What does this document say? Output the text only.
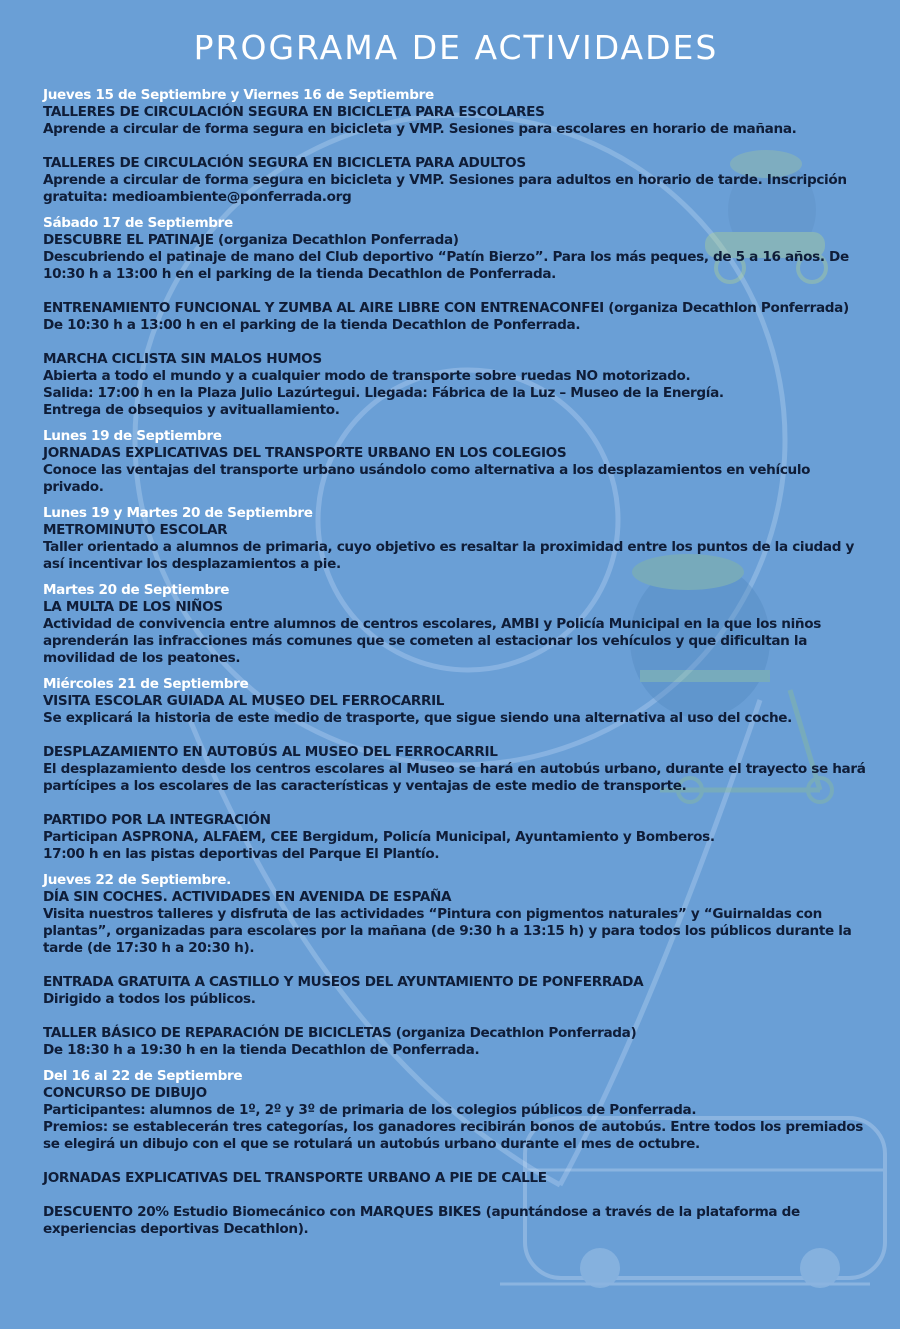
PROGRAMA DE ACTIVIDADES
Jueves 15 de Septiembre y Viernes 16 de Septiembre
TALLERES DE CIRCULACIÓN SEGURA EN BICICLETA PARA ESCOLARES
Aprende a circular de forma segura en bicicleta y VMP. Sesiones para escolares en horario de mañana.
TALLERES DE CIRCULACIÓN SEGURA EN BICICLETA PARA ADULTOS
Aprende a circular de forma segura en bicicleta y VMP. Sesiones para adultos en horario de tarde. Inscripción gratuita: medioambiente@ponferrada.org
Sábado 17 de Septiembre
DESCUBRE EL PATINAJE (organiza Decathlon Ponferrada)
Descubriendo el patinaje de mano del Club deportivo “Patín Bierzo”. Para los más peques, de 5 a 16 años. De 10:30 h a 13:00 h en el parking de la tienda Decathlon de Ponferrada.
ENTRENAMIENTO FUNCIONAL Y ZUMBA AL AIRE LIBRE CON ENTRENACONFEI (organiza Decathlon Ponferrada)
De 10:30 h a 13:00 h en el parking de la tienda Decathlon de Ponferrada.
MARCHA CICLISTA SIN MALOS HUMOS
Abierta a todo el mundo y a cualquier modo de transporte sobre ruedas NO motorizado.
Salida: 17:00 h en la Plaza Julio Lazúrtegui. Llegada: Fábrica de la Luz – Museo de la Energía.
Entrega de obsequios y avituallamiento.
Lunes 19 de Septiembre
JORNADAS EXPLICATIVAS DEL TRANSPORTE URBANO EN LOS COLEGIOS
Conoce las ventajas del transporte urbano usándolo como alternativa a los desplazamientos en vehículo privado.
Lunes 19 y Martes 20 de Septiembre
METROMINUTO ESCOLAR
Taller orientado a alumnos de primaria, cuyo objetivo es resaltar la proximidad entre los puntos de la ciudad y así incentivar los desplazamientos a pie.
Martes 20 de Septiembre
LA MULTA DE LOS NIÑOS
Actividad de convivencia entre alumnos de centros escolares, AMBI y Policía Municipal en la que los niños aprenderán las infracciones más comunes que se cometen al estacionar los vehículos y que dificultan la movilidad de los peatones.
Miércoles 21 de Septiembre
VISITA ESCOLAR GUIADA AL MUSEO DEL FERROCARRIL
Se explicará la historia de este medio de trasporte, que sigue siendo una alternativa al uso del coche.
DESPLAZAMIENTO EN AUTOBÚS AL MUSEO DEL FERROCARRIL
El desplazamiento desde los centros escolares al Museo se hará en autobús urbano, durante el trayecto se hará partícipes a los escolares de las características y ventajas de este medio de transporte.
PARTIDO POR LA INTEGRACIÓN
Participan ASPRONA, ALFAEM, CEE Bergidum, Policía Municipal, Ayuntamiento y Bomberos.
17:00 h en las pistas deportivas del Parque El Plantío.
Jueves 22 de Septiembre.
DÍA SIN COCHES. ACTIVIDADES EN AVENIDA DE ESPAÑA
Visita nuestros talleres y disfruta de las actividades “Pintura con pigmentos naturales” y “Guirnaldas con plantas”, organizadas para escolares por la mañana (de 9:30 h a 13:15 h) y para todos los públicos durante la tarde (de 17:30 h a 20:30 h).
ENTRADA GRATUITA A CASTILLO Y MUSEOS DEL AYUNTAMIENTO DE PONFERRADA
Dirigido a todos los públicos.
TALLER BÁSICO DE REPARACIÓN DE BICICLETAS (organiza Decathlon Ponferrada)
De 18:30 h a 19:30 h en la tienda Decathlon de Ponferrada.
Del 16 al 22 de Septiembre
CONCURSO DE DIBUJO
Participantes: alumnos de 1º, 2º y 3º de primaria de los colegios públicos de Ponferrada.
Premios: se establecerán tres categorías, los ganadores recibirán bonos de autobús. Entre todos los premiados se elegirá un dibujo con el que se rotulará un autobús urbano durante el mes de octubre.
JORNADAS EXPLICATIVAS DEL TRANSPORTE URBANO A PIE DE CALLE
DESCUENTO 20% Estudio Biomecánico con MARQUES BIKES (apuntándose a través de la plataforma de experiencias deportivas Decathlon).
